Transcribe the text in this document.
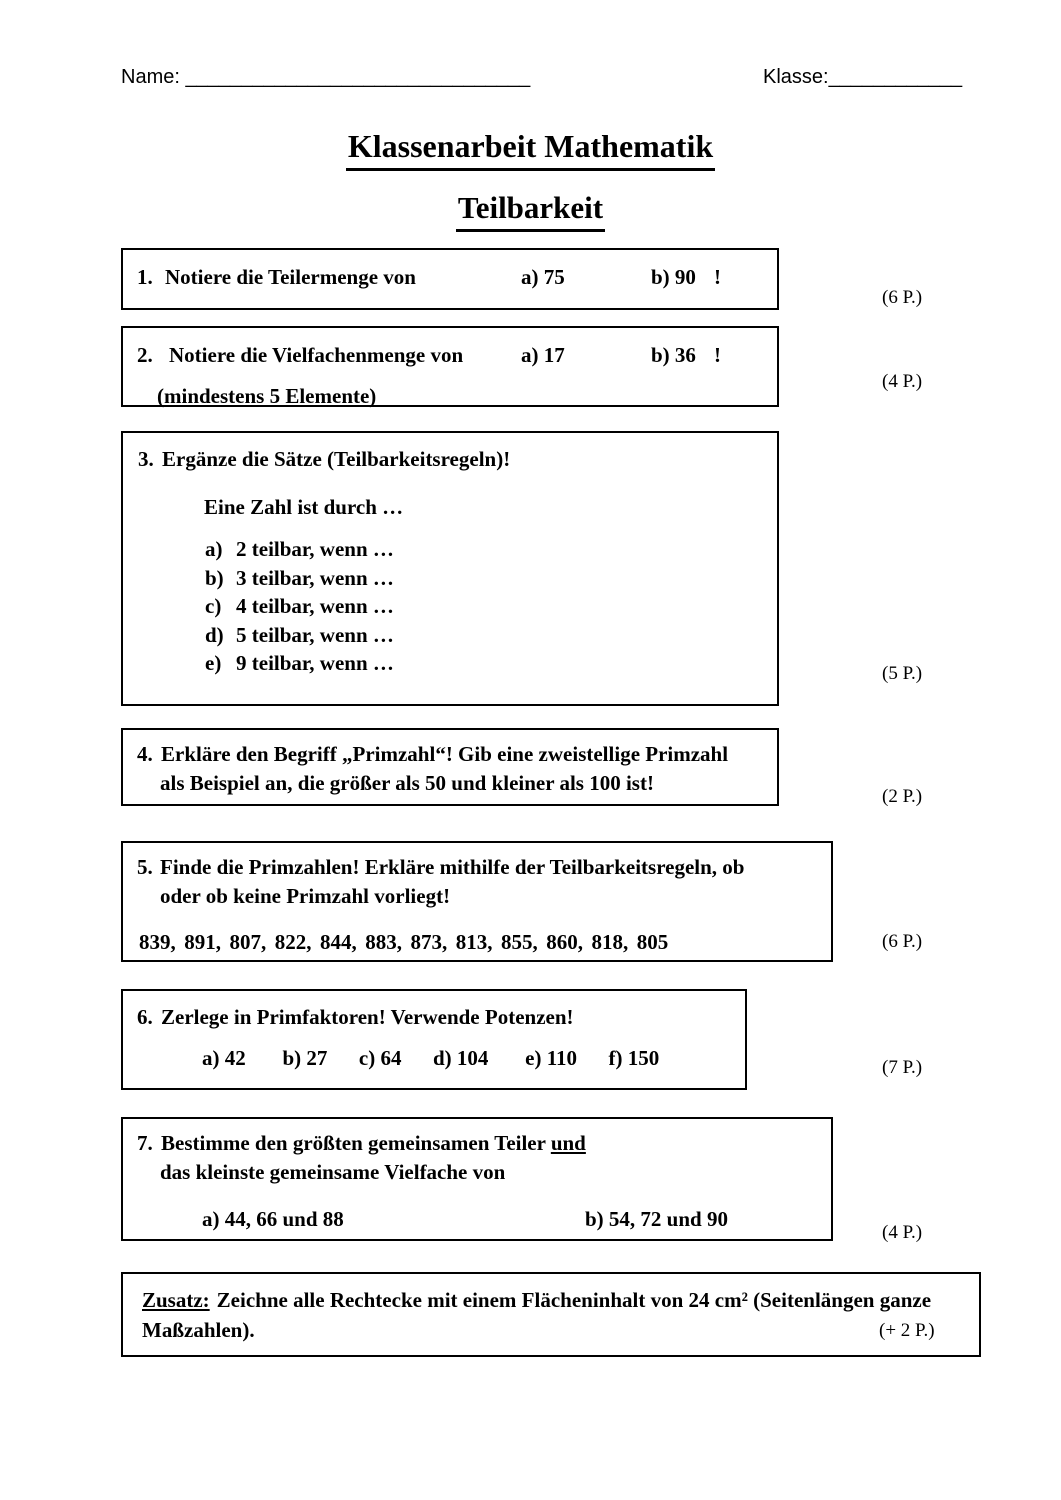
Name: _______________________________	Klasse:____________
Klassenarbeit Mathematik
Teilbarkeit
1. Notiere die Teilermenge von	a) 75	b) 90 !
(6 P.)
2. Notiere die Vielfachenmenge von	a) 17	b) 36 !
(mindestens 5 Elemente)
(4 P.)
3. Ergänze die Sätze (Teilbarkeitsregeln)!
Eine Zahl ist durch …
a) 2 teilbar, wenn …
b) 3 teilbar, wenn …
c) 4 teilbar, wenn …
d) 5 teilbar, wenn …
e) 9 teilbar, wenn …	(5 P.)
4. Erkläre den Begriff „Primzahl“! Gib eine zweistellige Primzahl
als Beispiel an, die größer als 50 und kleiner als 100 ist!
(2 P.)
5. Finde die Primzahlen! Erkläre mithilfe der Teilbarkeitsregeln, ob
oder ob keine Primzahl vorliegt!
839,  891,  807,  822,  844,  883,  873,  813,  855,  860,  818,  805	(6 P.)
6. Zerlege in Primfaktoren! Verwende Potenzen!
a) 42       b) 27      c) 64      d) 104       e) 110      f) 150	(7 P.)
7. Bestimme den größten gemeinsamen Teiler und
das kleinste gemeinsame Vielfache von
a) 44, 66 und 88	b) 54, 72 und 90
(4 P.)
Zusatz: Zeichne alle Rechtecke mit einem Flächeninhalt von 24 cm² (Seitenlängen ganze
Maßzahlen).	(+ 2 P.)
